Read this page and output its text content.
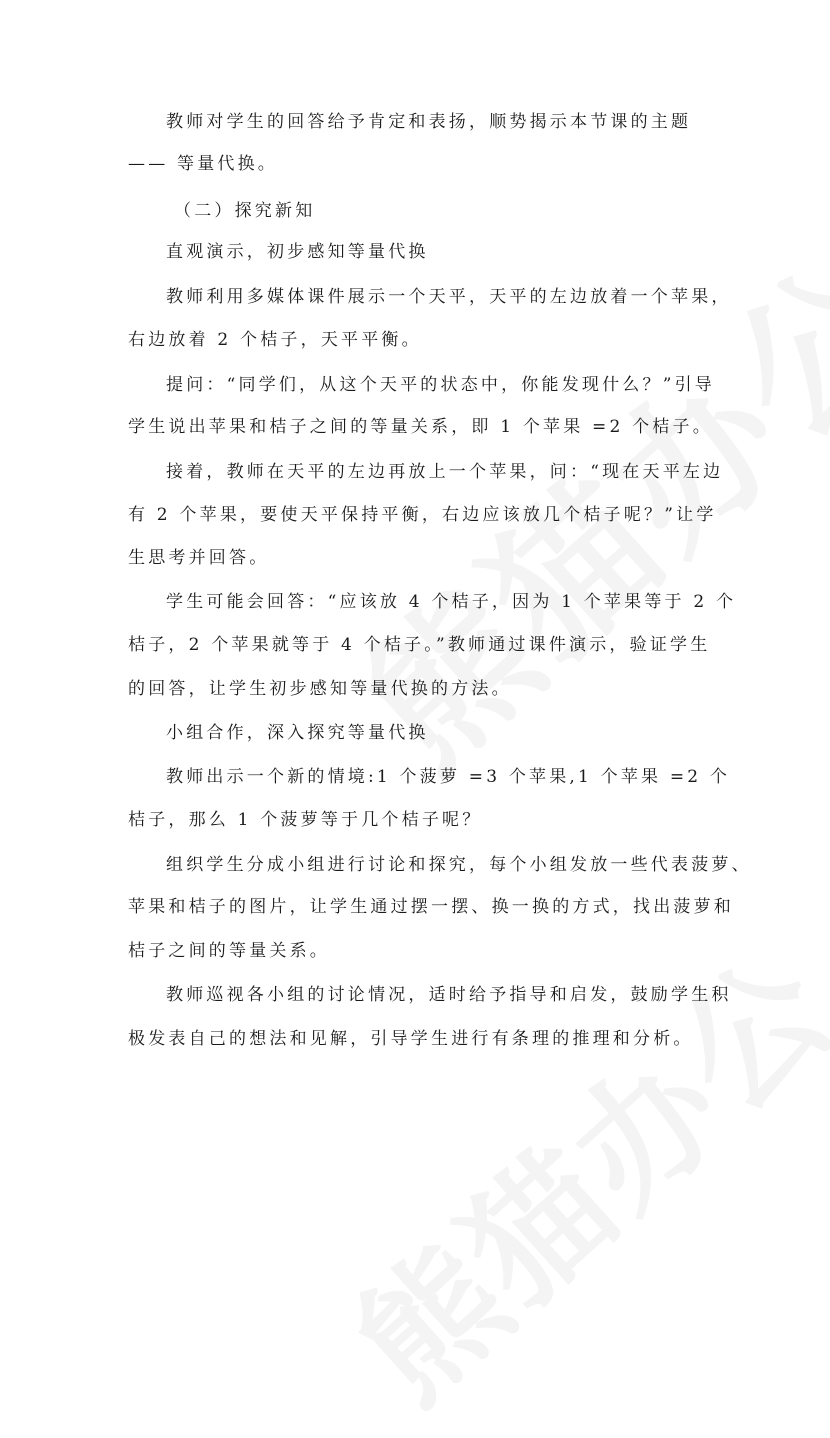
教师对学生的回答给予肯定和表扬，顺势揭示本节课的主题
—— 等量代换。
（二）探究新知
直观演示，初步感知等量代换
教师利用多媒体课件展示一个天平，天平的左边放着一个苹果，
右边放着 2 个桔子，天平平衡。
提问：“同学们，从这个天平的状态中，你能发现什么？”引导
学生说出苹果和桔子之间的等量关系，即 1 个苹果 =2 个桔子。
接着，教师在天平的左边再放上一个苹果，问：“现在天平左边
有 2 个苹果，要使天平保持平衡，右边应该放几个桔子呢？”让学
生思考并回答。
学生可能会回答：“应该放 4 个桔子，因为 1 个苹果等于 2 个
桔子，2 个苹果就等于 4 个桔子。”教师通过课件演示，验证学生
的回答，让学生初步感知等量代换的方法。
小组合作，深入探究等量代换
教师出示一个新的情境:1 个菠萝 =3 个苹果,1 个苹果 =2 个
桔子，那么 1 个菠萝等于几个桔子呢？
组织学生分成小组进行讨论和探究，每个小组发放一些代表菠萝、
苹果和桔子的图片，让学生通过摆一摆、换一换的方式，找出菠萝和
桔子之间的等量关系。
教师巡视各小组的讨论情况，适时给予指导和启发，鼓励学生积
极发表自己的想法和见解，引导学生进行有条理的推理和分析。
